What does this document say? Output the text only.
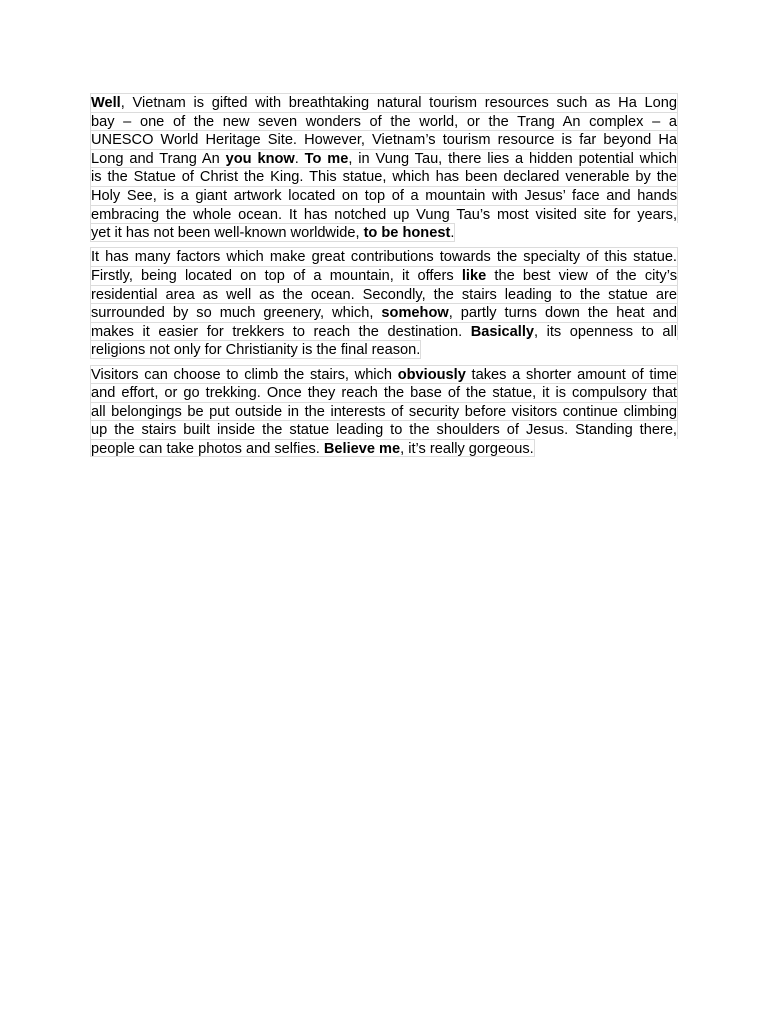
Well, Vietnam is gifted with breathtaking natural tourism resources such as Ha Long
bay – one of the new seven wonders of the world, or the Trang An complex – a
UNESCO World Heritage Site. However, Vietnam’s tourism resource is far beyond Ha
Long and Trang An you know. To me, in Vung Tau, there lies a hidden potential which
is the Statue of Christ the King. This statue, which has been declared venerable by the
Holy See, is a giant artwork located on top of a mountain with Jesus’ face and hands
embracing the whole ocean. It has notched up Vung Tau’s most visited site for years,
yet it has not been well-known worldwide, to be honest.
It has many factors which make great contributions towards the specialty of this statue.
Firstly, being located on top of a mountain, it offers like the best view of the city’s
residential area as well as the ocean. Secondly, the stairs leading to the statue are
surrounded by so much greenery, which, somehow, partly turns down the heat and
makes it easier for trekkers to reach the destination. Basically, its openness to all
religions not only for Christianity is the final reason.
Visitors can choose to climb the stairs, which obviously takes a shorter amount of time
and effort, or go trekking. Once they reach the base of the statue, it is compulsory that
all belongings be put outside in the interests of security before visitors continue climbing
up the stairs built inside the statue leading to the shoulders of Jesus. Standing there,
people can take photos and selfies. Believe me, it’s really gorgeous.
